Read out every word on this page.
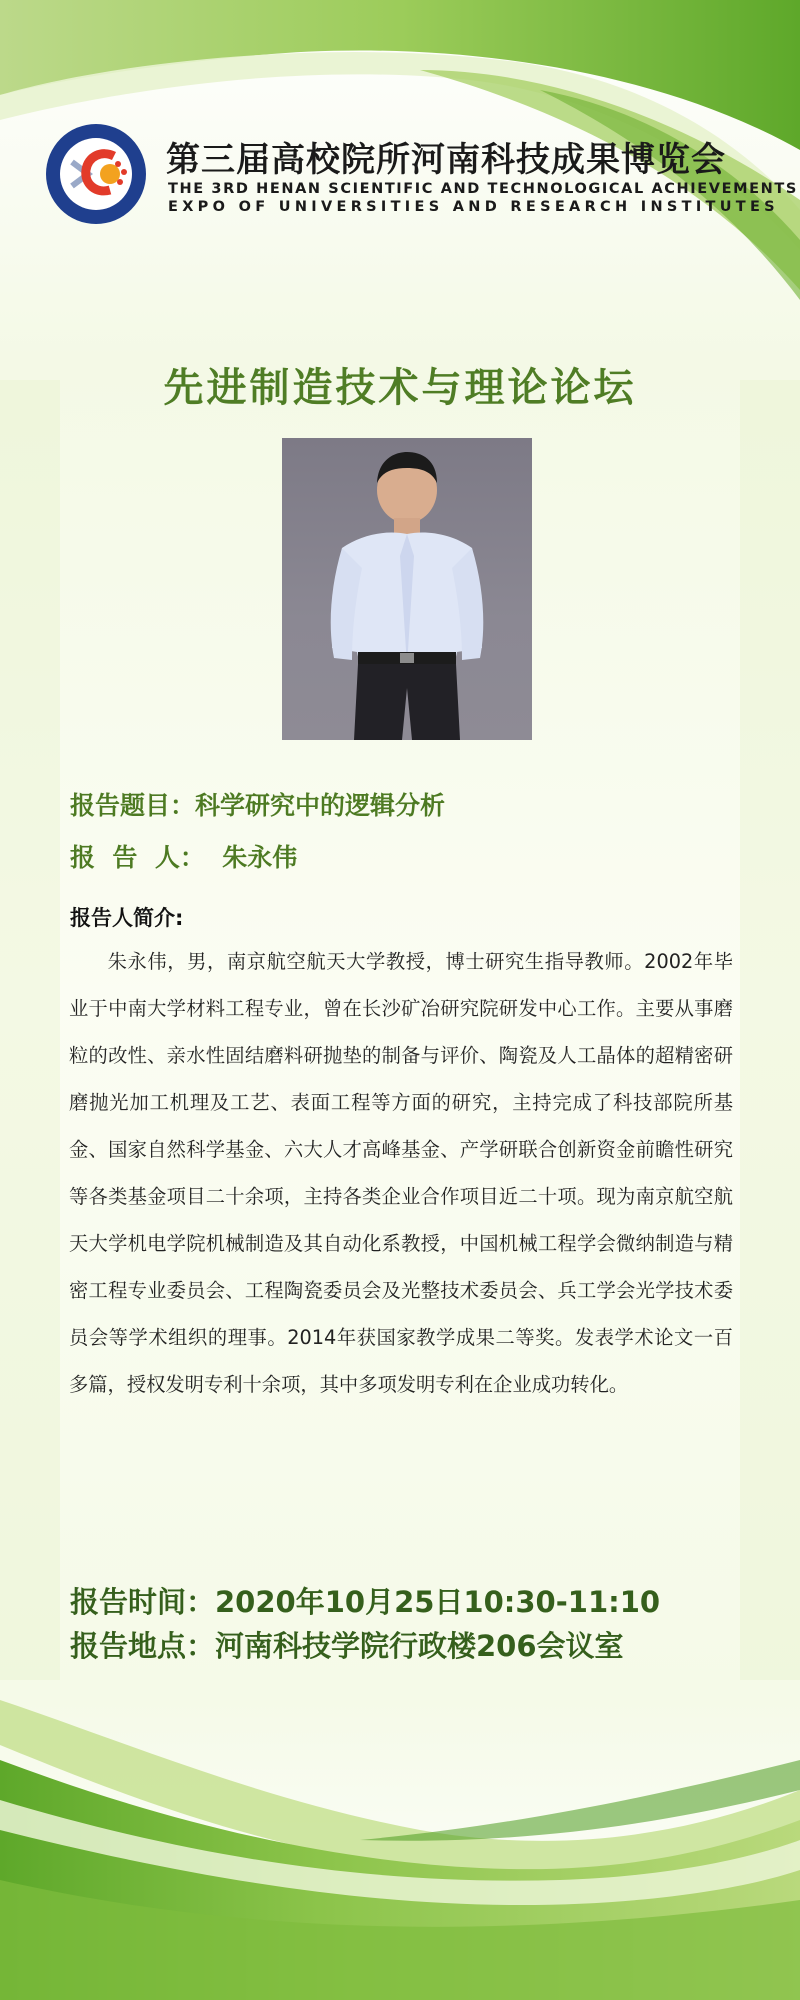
第三届高校院所河南科技成果博览会

THE 3RD HENAN SCIENTIFIC AND TECHNOLOGICAL ACHIEVEMENTS

EXPO OF UNIVERSITIES AND RESEARCH INSTITUTES

先进制造技术与理论论坛

报告题目：科学研究中的逻辑分析

报  告  人：  朱永伟

报告人简介:

朱永伟，男，南京航空航天大学教授，博士研究生指导教师。2002年毕业于中南大学材料工程专业，曾在长沙矿冶研究院研发中心工作。主要从事磨粒的改性、亲水性固结磨料研抛垫的制备与评价、陶瓷及人工晶体的超精密研磨抛光加工机理及工艺、表面工程等方面的研究，主持完成了科技部院所基金、国家自然科学基金、六大人才高峰基金、产学研联合创新资金前瞻性研究等各类基金项目二十余项，主持各类企业合作项目近二十项。现为南京航空航天大学机电学院机械制造及其自动化系教授，中国机械工程学会微纳制造与精密工程专业委员会、工程陶瓷委员会及光整技术委员会、兵工学会光学技术委员会等学术组织的理事。2014年获国家教学成果二等奖。发表学术论文一百多篇，授权发明专利十余项，其中多项发明专利在企业成功转化。

报告时间：2020年10月25日10:30-11:10

报告地点：河南科技学院行政楼206会议室
